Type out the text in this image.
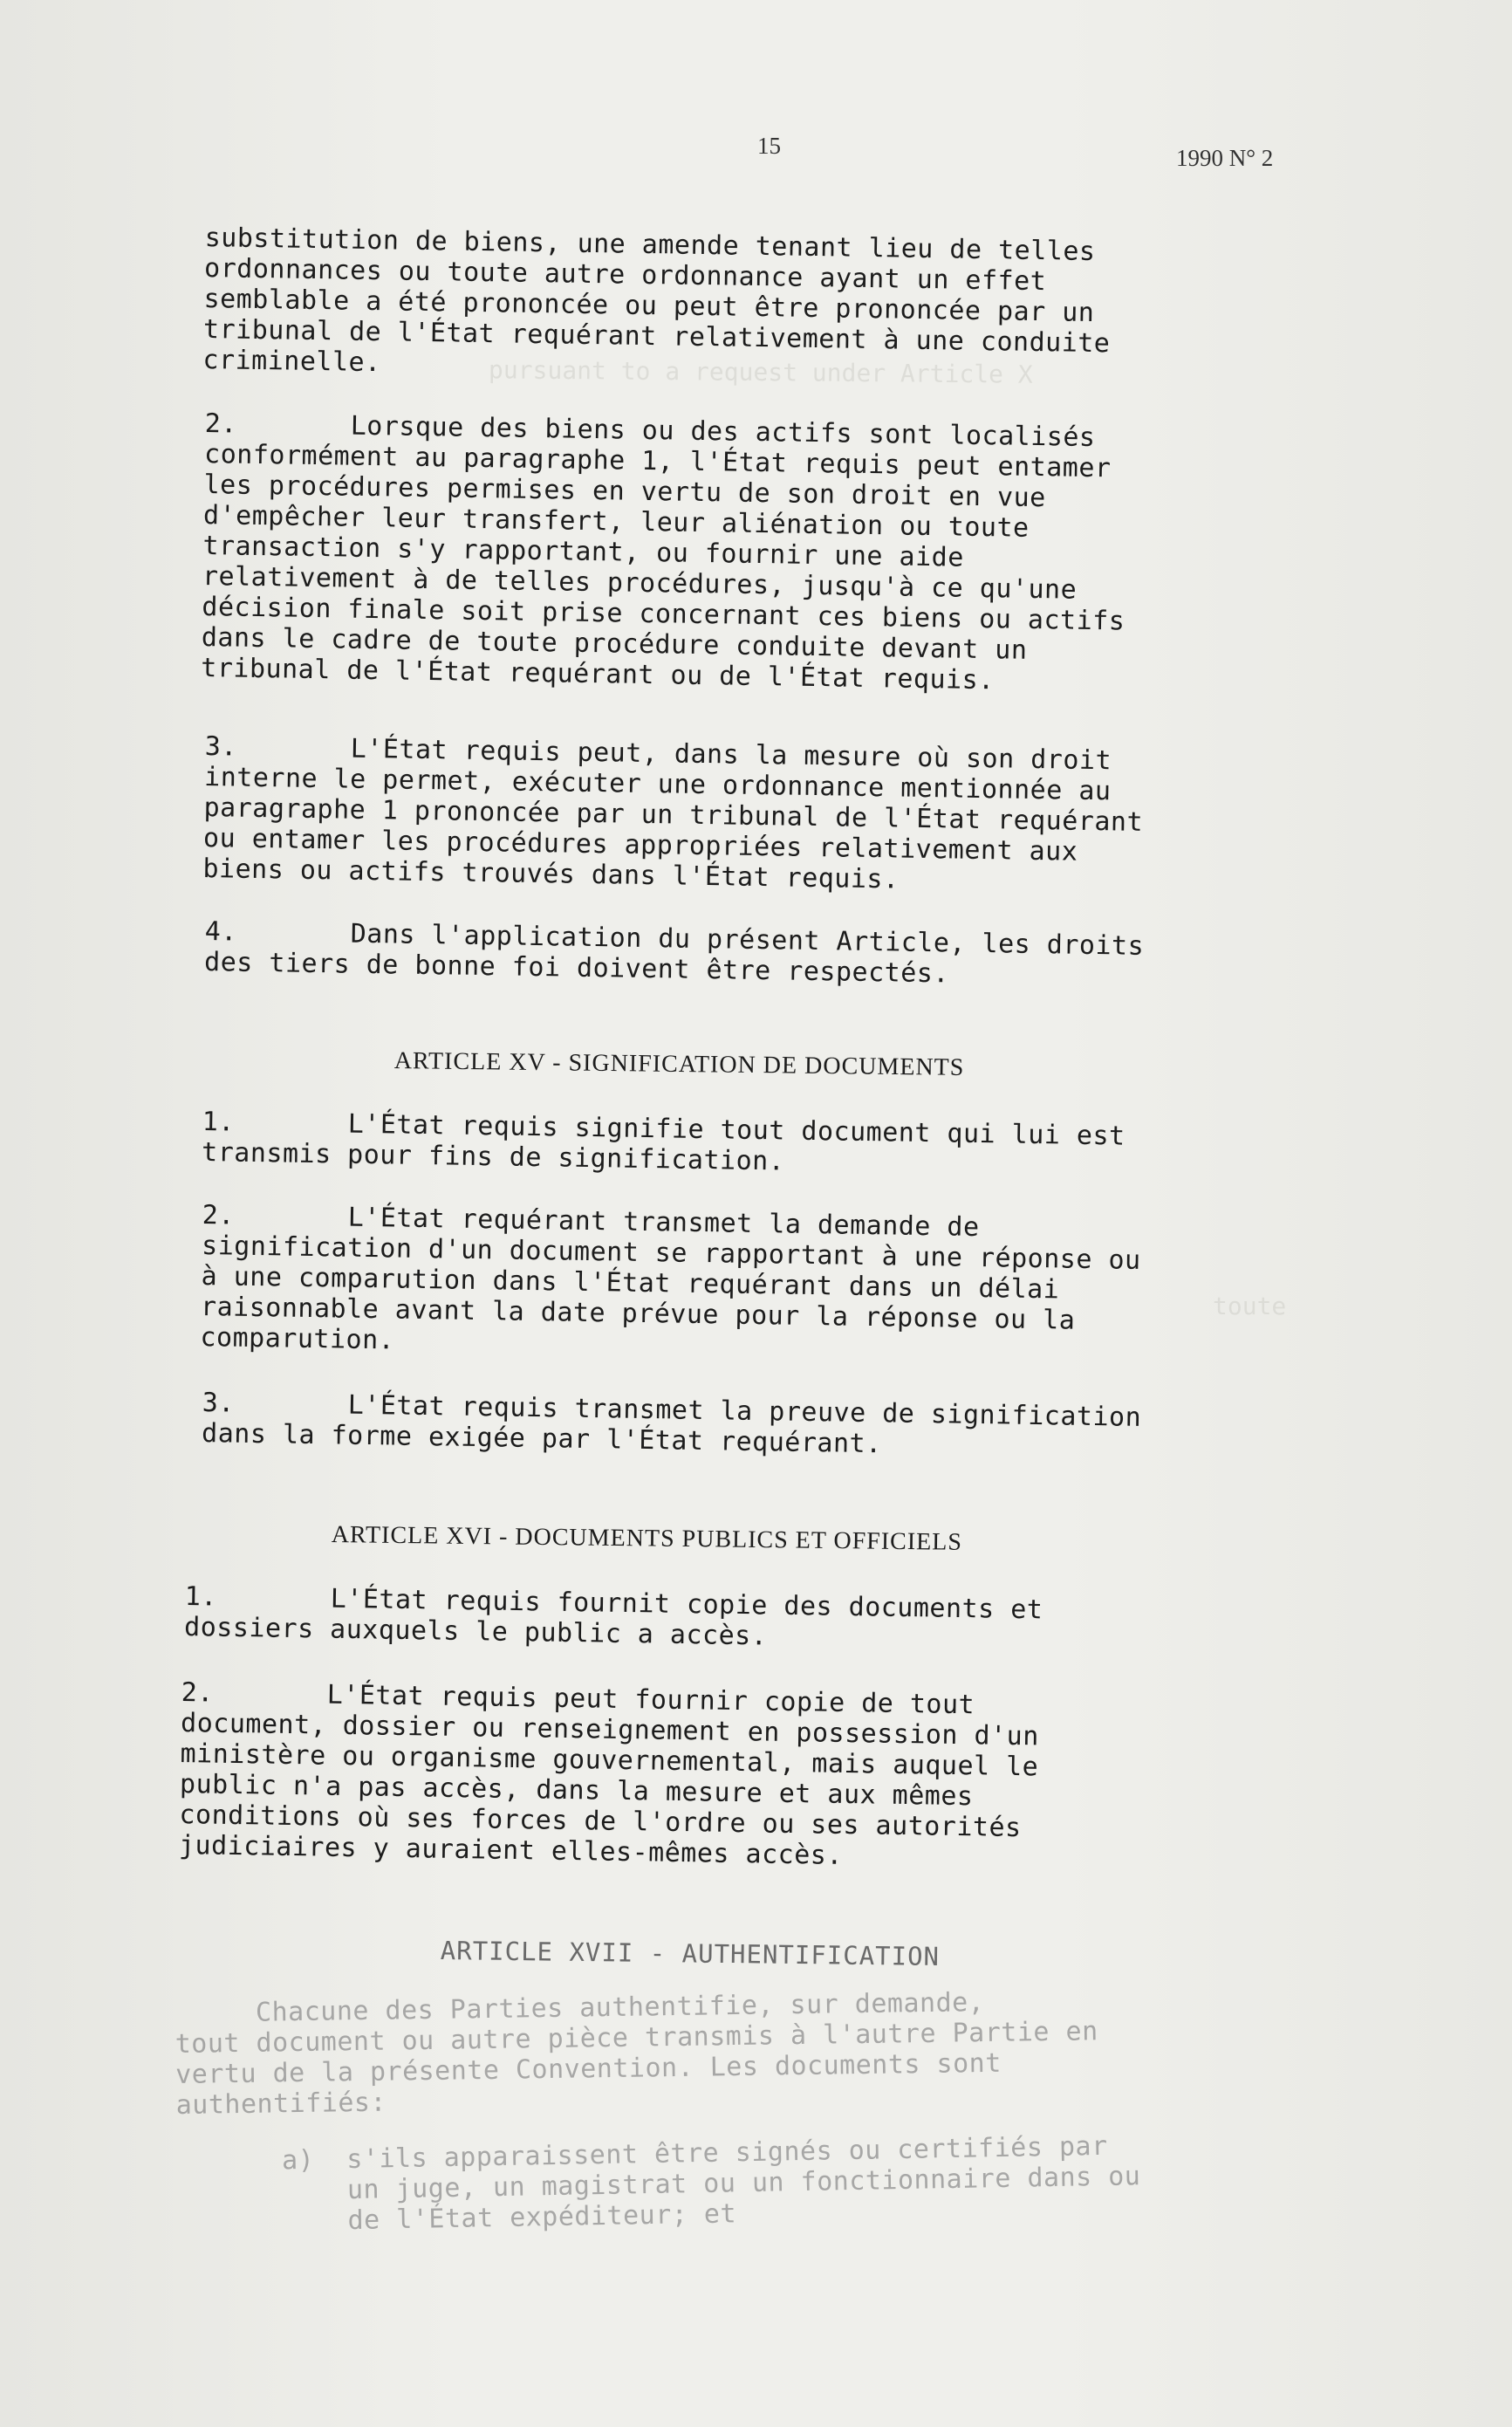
15	1990 N° 2
pursuant to a request under Article X
toute
substitution de biens, une amende tenant lieu de telles
ordonnances ou toute autre ordonnance ayant un effet
semblable a été prononcée ou peut être prononcée par un
tribunal de l'État requérant relativement à une conduite
criminelle.
2.       Lorsque des biens ou des actifs sont localisés
conformément au paragraphe 1, l'État requis peut entamer
les procédures permises en vertu de son droit en vue
d'empêcher leur transfert, leur aliénation ou toute
transaction s'y rapportant, ou fournir une aide
relativement à de telles procédures, jusqu'à ce qu'une
décision finale soit prise concernant ces biens ou actifs
dans le cadre de toute procédure conduite devant un
tribunal de l'État requérant ou de l'État requis.
3.       L'État requis peut, dans la mesure où son droit
interne le permet, exécuter une ordonnance mentionnée au
paragraphe 1 prononcée par un tribunal de l'État requérant
ou entamer les procédures appropriées relativement aux
biens ou actifs trouvés dans l'État requis.
4.       Dans l'application du présent Article, les droits
des tiers de bonne foi doivent être respectés.
ARTICLE XV - SIGNIFICATION DE DOCUMENTS
1.       L'État requis signifie tout document qui lui est
transmis pour fins de signification.
2.       L'État requérant transmet la demande de
signification d'un document se rapportant à une réponse ou
à une comparution dans l'État requérant dans un délai
raisonnable avant la date prévue pour la réponse ou la
comparution.
3.       L'État requis transmet la preuve de signification
dans la forme exigée par l'État requérant.
ARTICLE XVI - DOCUMENTS PUBLICS ET OFFICIELS
1.       L'État requis fournit copie des documents et
dossiers auxquels le public a accès.
2.       L'État requis peut fournir copie de tout
document, dossier ou renseignement en possession d'un
ministère ou organisme gouvernemental, mais auquel le
public n'a pas accès, dans la mesure et aux mêmes
conditions où ses forces de l'ordre ou ses autorités
judiciaires y auraient elles-mêmes accès.
ARTICLE XVII - AUTHENTIFICATION
Chacune des Parties authentifie, sur demande,
tout document ou autre pièce transmis à l'autre Partie en
vertu de la présente Convention. Les documents sont
authentifiés:
a)  s'ils apparaissent être signés ou certifiés par
un juge, un magistrat ou un fonctionnaire dans ou
de l'État expéditeur; et
